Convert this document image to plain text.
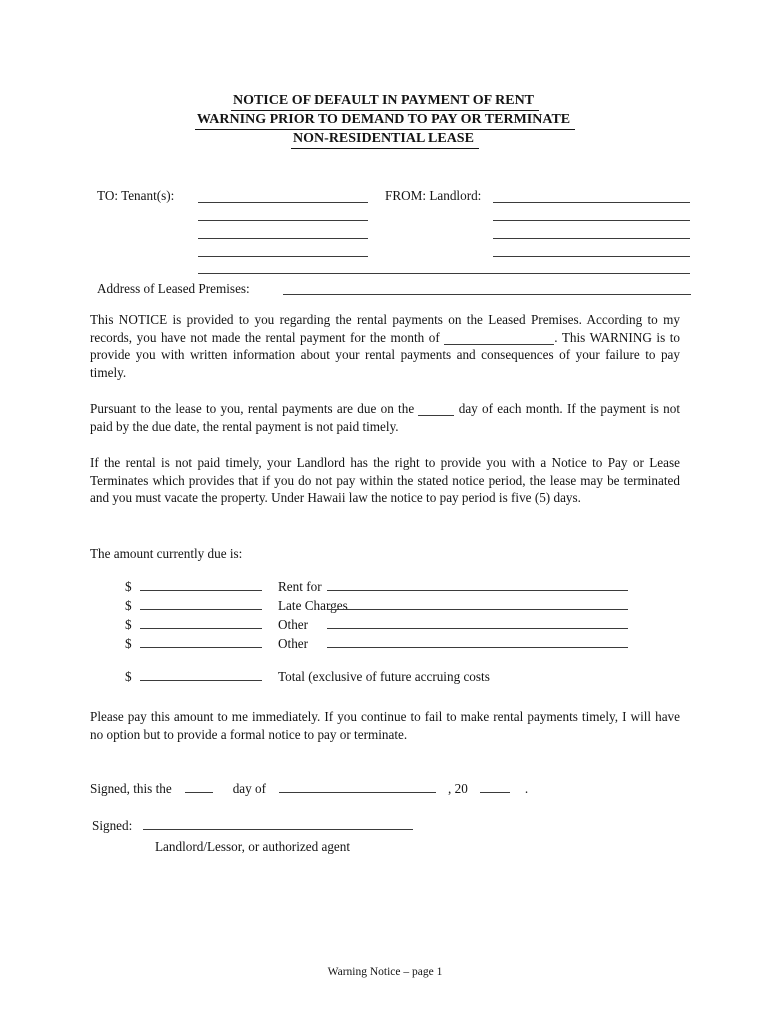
NOTICE OF DEFAULT IN PAYMENT OF RENT
WARNING PRIOR TO DEMAND TO PAY OR TERMINATE
NON-RESIDENTIAL LEASE
TO: Tenant(s):	FROM: Landlord:
Address of Leased Premises:
This NOTICE is provided to you regarding the rental payments on the Leased Premises. According to my records, you have not made the rental payment for the month of	. This WARNING is to provide you with written information about your rental payments and consequences of your failure to pay timely.
Pursuant to the lease to you, rental payments are due on the	day of each month. If the payment is not paid by the due date, the rental payment is not paid timely.
If the rental is not paid timely, your Landlord has the right to provide you with a Notice to Pay or Lease Terminates which provides that if you do not pay within the stated notice period, the lease may be terminated and you must vacate the property. Under Hawaii law the notice to pay period is five (5) days.
The amount currently due is:
$	Rent for
$	Late Charges
$	Other
$	Other
$	Total (exclusive of future accruing costs
Please pay this amount to me immediately. If you continue to fail to make rental payments timely, I will have no option but to provide a formal notice to pay or terminate.
Signed, this the	day of	, 20	.
Signed:
Landlord/Lessor, or authorized agent
Warning Notice – page 1
